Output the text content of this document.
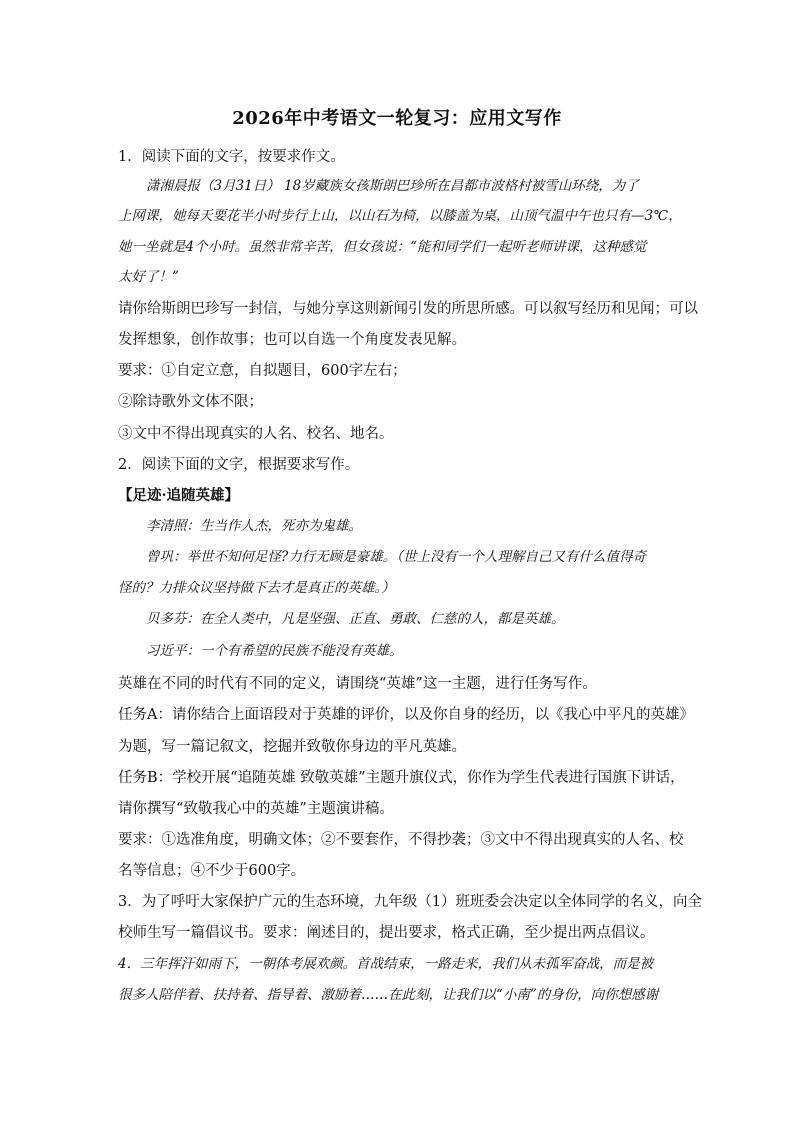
2026年中考语文一轮复习：应用文写作
1．阅读下面的文字，按要求作文。
潇湘晨报（3月31日） 18岁藏族女孩斯朗巴珍所在昌都市波格村被雪山环绕，为了
上网课，她每天要花半小时步行上山，以山石为椅，以膝盖为桌，山顶气温中午也只有—3℃，
她一坐就是4个小时。虽然非常辛苦，但女孩说：“能和同学们一起听老师讲课，这种感觉
太好了！”
请你给斯朗巴珍写一封信，与她分享这则新闻引发的所思所感。可以叙写经历和见闻；可以
发挥想象，创作故事；也可以自选一个角度发表见解。
要求：①自定立意，自拟题目，600字左右；
②除诗歌外文体不限；
③文中不得出现真实的人名、校名、地名。
2．阅读下面的文字，根据要求写作。
【足迹·追随英雄】
李清照：生当作人杰，死亦为鬼雄。
曾巩：举世不知何足怪?力行无顾是豪雄。（世上没有一个人理解自己又有什么值得奇
怪的？力排众议坚持做下去才是真正的英雄。）
贝多芬：在全人类中，凡是坚强、正直、勇敢、仁慈的人，都是英雄。
习近平：一个有希望的民族不能没有英雄。
英雄在不同的时代有不同的定义，请围绕“英雄”这一主题，进行任务写作。
任务A：请你结合上面语段对于英雄的评价，以及你自身的经历，以《我心中平凡的英雄》
为题，写一篇记叙文，挖掘并致敬你身边的平凡英雄。
任务B：学校开展“追随英雄 致敬英雄”主题升旗仪式，你作为学生代表进行国旗下讲话，
请你撰写“致敬我心中的英雄”主题演讲稿。
要求：①选准角度，明确文体；②不要套作，不得抄袭；③文中不得出现真实的人名、校
名等信息；④不少于600字。
3．为了呼吁大家保护广元的生态环境，九年级（1）班班委会决定以全体同学的名义，向全
校师生写一篇倡议书。要求：阐述目的，提出要求，格式正确，至少提出两点倡议。
4．三年挥汗如雨下，一朝体考展欢颜。首战结束，一路走来，我们从未孤军奋战，而是被
很多人陪伴着、扶持着、指导着、激励着……在此刻，让我们以“小南”的身份，向你想感谢
